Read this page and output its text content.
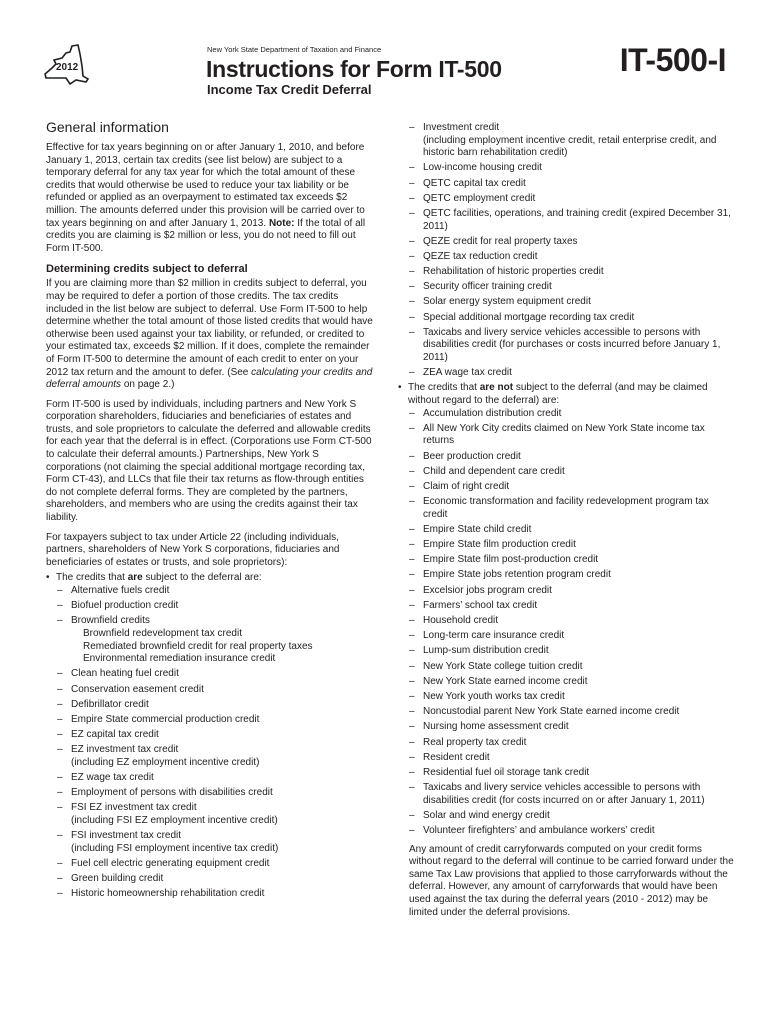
2012
New York State Department of Taxation and Finance
Instructions for Form IT-500
Income Tax Credit Deferral
IT-500-I
General information

Effective for tax years beginning on or after January 1, 2010, and before January 1, 2013, certain tax credits (see list below) are subject to a temporary deferral for any tax year for which the total amount of these credits that would otherwise be used to reduce your tax liability or be refunded or applied as an overpayment to estimated tax exceeds $2 million. The amounts deferred under this provision will be carried over to tax years beginning on and after January 1, 2013. Note: If the total of all credits you are claiming is $2 million or less, you do not need to fill out Form IT-500.

Determining credits subject to deferral

If you are claiming more than $2 million in credits subject to deferral, you may be required to defer a portion of those credits. The tax credits included in the list below are subject to deferral. Use Form IT-500 to help determine whether the total amount of those listed credits that would have otherwise been used against your tax liability, or refunded, or credited to your estimated tax, exceeds $2 million. If it does, complete the remainder of Form IT-500 to determine the amount of each credit to enter on your 2012 tax return and the amount to defer. (See calculating your credits and deferral amounts on page 2.)

Form IT-500 is used by individuals, including partners and New York S corporation shareholders, fiduciaries and beneficiaries of estates and trusts, and sole proprietors to calculate the deferred and allowable credits for each year that the deferral is in effect. (Corporations use Form CT-500 to calculate their deferral amounts.) Partnerships, New York S corporations (not claiming the special additional mortgage recording tax, Form CT-43), and LLCs that file their tax returns as flow-through entities do not complete deferral forms. They are completed by the partners, shareholders, and members who are using the credits against their tax liability.

For taxpayers subject to tax under Article 22 (including individuals, partners, shareholders of New York S corporations, fiduciaries and beneficiaries of estates or trusts, and sole proprietors):

• The credits that are subject to the deferral are:
– Alternative fuels credit
– Biofuel production credit
– Brownfield credits
Brownfield redevelopment tax credit
Remediated brownfield credit for real property taxes
Environmental remediation insurance credit
– Clean heating fuel credit
– Conservation easement credit
– Defibrillator credit
– Empire State commercial production credit
– EZ capital tax credit
– EZ investment tax credit
(including EZ employment incentive credit)
– EZ wage tax credit
– Employment of persons with disabilities credit
– FSI EZ investment tax credit
(including FSI EZ employment incentive credit)
– FSI investment tax credit
(including FSI employment incentive tax credit)
– Fuel cell electric generating equipment credit
– Green building credit
– Historic homeownership rehabilitation credit
– Investment credit
(including employment incentive credit, retail enterprise credit, and historic barn rehabilitation credit)
– Low-income housing credit
– QETC capital tax credit
– QETC employment credit
– QETC facilities, operations, and training credit (expired December 31, 2011)
– QEZE credit for real property taxes
– QEZE tax reduction credit
– Rehabilitation of historic properties credit
– Security officer training credit
– Solar energy system equipment credit
– Special additional mortgage recording tax credit
– Taxicabs and livery service vehicles accessible to persons with disabilities credit (for purchases or costs incurred before January 1, 2011)
– ZEA wage tax credit
• The credits that are not subject to the deferral (and may be claimed without regard to the deferral) are:
– Accumulation distribution credit
– All New York City credits claimed on New York State income tax returns
– Beer production credit
– Child and dependent care credit
– Claim of right credit
– Economic transformation and facility redevelopment program tax credit
– Empire State child credit
– Empire State film production credit
– Empire State film post-production credit
– Empire State jobs retention program credit
– Excelsior jobs program credit
– Farmers’ school tax credit
– Household credit
– Long-term care insurance credit
– Lump-sum distribution credit
– New York State college tuition credit
– New York State earned income credit
– New York youth works tax credit
– Noncustodial parent New York State earned income credit
– Nursing home assessment credit
– Real property tax credit
– Resident credit
– Residential fuel oil storage tank credit
– Taxicabs and livery service vehicles accessible to persons with disabilities credit (for costs incurred on or after January 1, 2011)
– Solar and wind energy credit
– Volunteer firefighters’ and ambulance workers’ credit

Any amount of credit carryforwards computed on your credit forms without regard to the deferral will continue to be carried forward under the same Tax Law provisions that applied to those carryforwards without the deferral. However, any amount of carryforwards that would have been used against the tax during the deferral years (2010 - 2012) may be limited under the deferral provisions.
